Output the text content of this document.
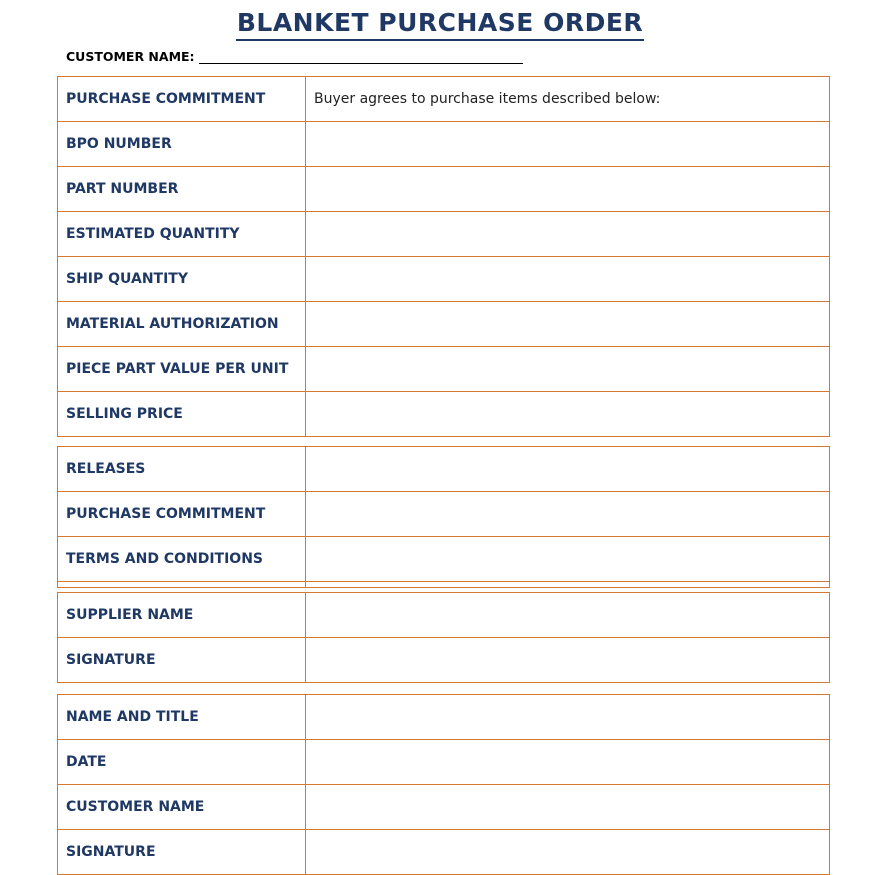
BLANKET PURCHASE ORDER
CUSTOMER NAME:
PURCHASE COMMITMENT	Buyer agrees to purchase items described below:
BPO NUMBER	
PART NUMBER	
ESTIMATED QUANTITY	
SHIP QUANTITY	
MATERIAL AUTHORIZATION	
PIECE PART VALUE PER UNIT	
SELLING PRICE	
RELEASES	
PURCHASE COMMITMENT	
TERMS AND CONDITIONS	

SUPPLIER NAME	
SIGNATURE	
NAME AND TITLE	
DATE	
CUSTOMER NAME	
SIGNATURE	
